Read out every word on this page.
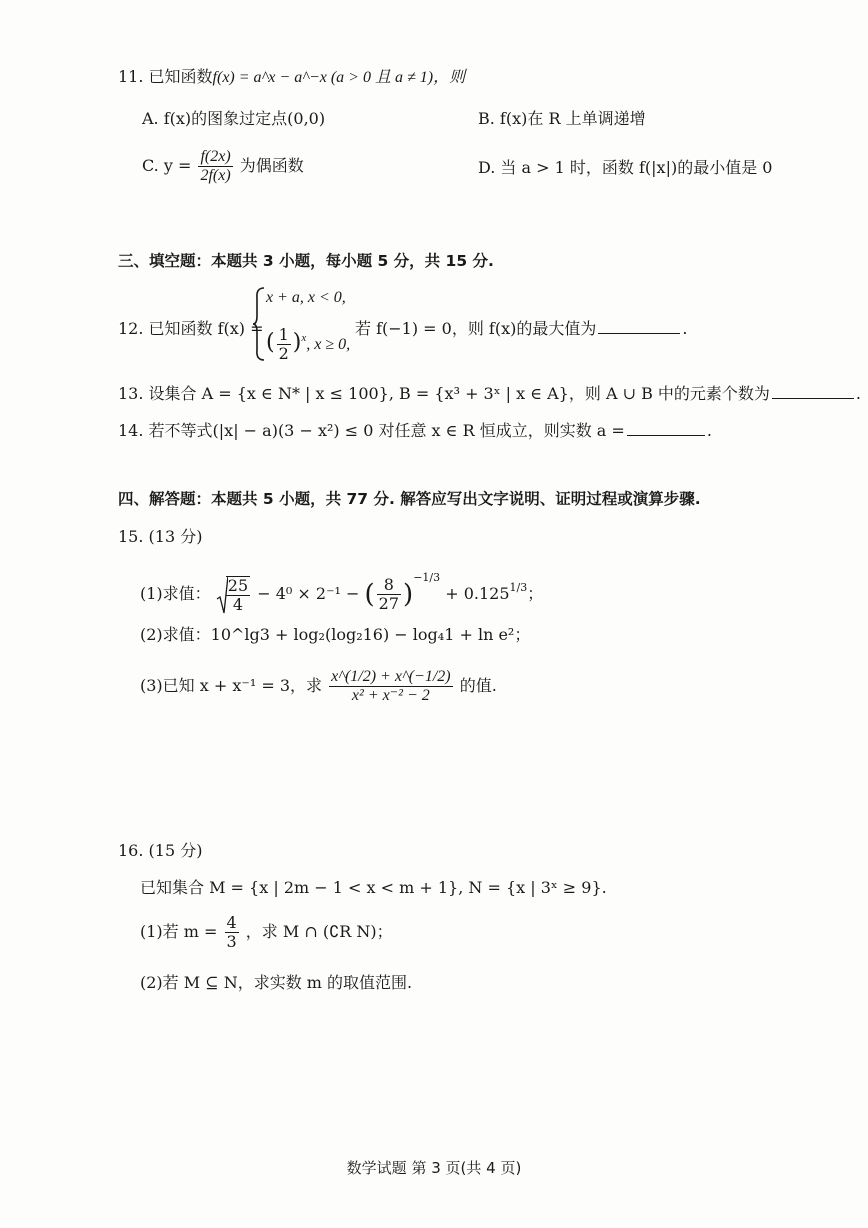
11. 已知函数f(x) = a^x − a^−x (a > 0 且 a ≠ 1)，则
A. f(x)的图象过定点(0,0)	B. f(x)在 R 上单调递增
C. $y = \frac{f(2x)}{2f(x)}$ 为偶函数	D. 当 a > 1 时，函数 f(|x|)的最小值是 0
三、填空题：本题共 3 小题，每小题 5 分，共 15 分.
12. 已知函数 f(x) =
x + a, x < 0,
( $\frac{1}{2} )^x$, x ≥ 0,
若 f(−1) = 0，则 f(x)的最大值为	.
13. 设集合 A = {x ∈ N* | x ≤ 100}, B = {x³ + 3ˣ | x ∈ A}，则 A ∪ B 中的元素个数为	.
14. 若不等式(|x| − a)(3 − x²) ≤ 0 对任意 x ∈ R 恒成立，则实数 a =	.
四、解答题：本题共 5 小题，共 77 分. 解答应写出文字说明、证明过程或演算步骤.
15. (13 分)
(1)求值： $\frac{25}{4} - 4^0 \times 2^{-1}$ − ( $\frac{8}{27} )^{-1/3} + 0.125^{1/3}$；
(2)求值：10^lg3 + log₂(log₂16) − log₄1 + ln e²；
(3)已知 x + x⁻¹ = 3，求 $\frac{x\^{}(1/2) + x\^{}(-1/2)}{\text{x² + x⁻² − 2}}$ 的值.
16. (15 分)
已知集合 M = {x | 2m − 1 < x < m + 1}, N = {x | 3ˣ ≥ 9}.
(1)若 $m = \frac{4}{3}$ ，求 M ∩ (∁R N)；
(2)若 M ⊆ N，求实数 m 的取值范围.
数学试题 第 3 页(共 4 页)
